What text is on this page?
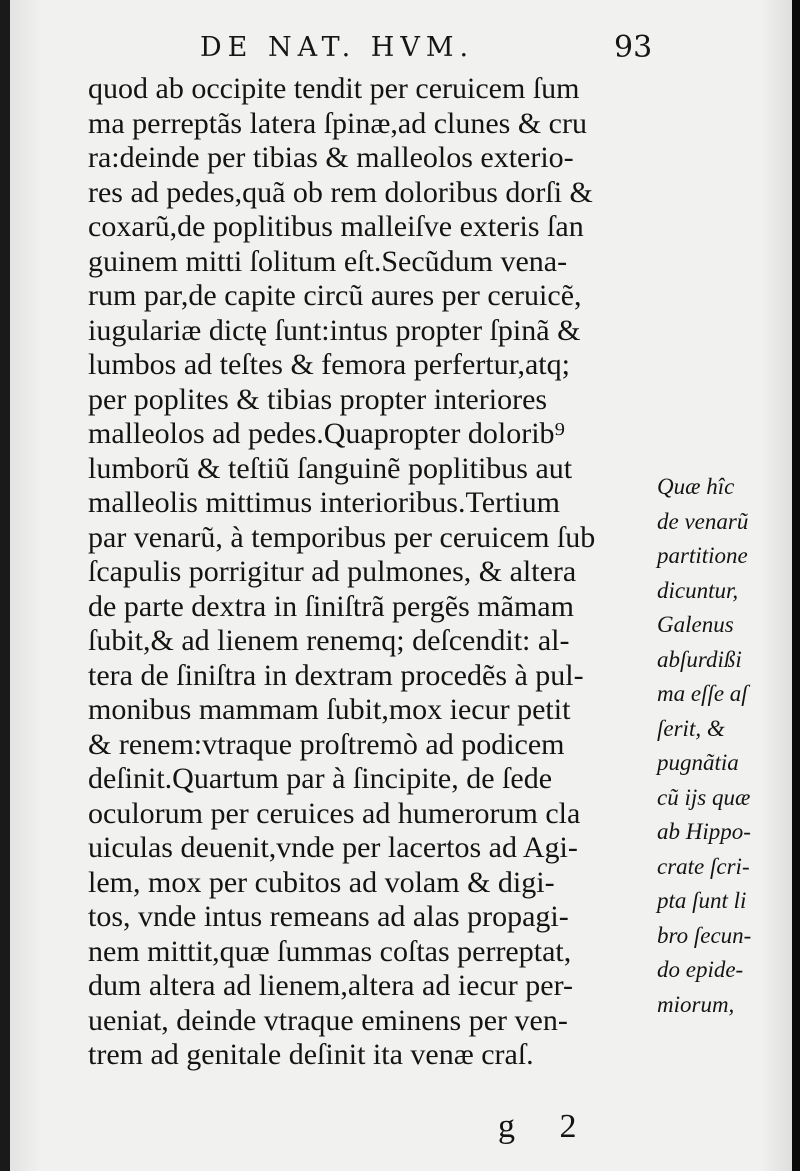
DE NAT. HVM.	93
quod ab occipite tendit per ceruicem ſum
ma perreptãs latera ſpinæ,ad clunes & cru
ra:deinde per tibias & malleolos exterio-
res ad pedes,quã ob rem doloribus dorſi &
coxarũ,de poplitibus malleiſve exteris ſan
guinem mitti ſolitum eſt.Secũdum vena-
rum par,de capite circũ aures per ceruicẽ,
iugulariæ dictę ſunt:intus propter ſpinã &
lumbos ad teſtes & femora perfertur,atq;
per poplites & tibias propter interiores
malleolos ad pedes.Quapropter dolorib⁹
lumborũ & teſtiũ ſanguinẽ poplitibus aut
malleolis mittimus interioribus.Tertium
par venarũ, à temporibus per ceruicem ſub
ſcapulis porrigitur ad pulmones, & altera
de parte dextra in ſiniſtrã pergẽs mãmam
ſubit,& ad lienem renemq; deſcendit: al-
tera de ſiniſtra in dextram procedẽs à pul-
monibus mammam ſubit,mox iecur petit
& renem:vtraque proſtremò ad podicem
deſinit.Quartum par à ſincipite, de ſede
oculorum per ceruices ad humerorum cla
uiculas deuenit,vnde per lacertos ad Agi-
lem, mox per cubitos ad volam & digi-
tos, vnde intus remeans ad alas propagi-
nem mittit,quæ ſummas coſtas perreptat,
dum altera ad lienem,altera ad iecur per-
ueniat, deinde vtraque eminens per ven-
trem ad genitale deſinit ita venæ craſ.
Quæ hîc
de venarũ
partitione
dicuntur,
Galenus
abſurdißi
ma eſſe aſ
ſerit, &
pugnãtia
cũ ijs quæ
ab Hippo-
crate ſcri-
pta ſunt li
bro ſecun-
do epide-
miorum,
g 2
